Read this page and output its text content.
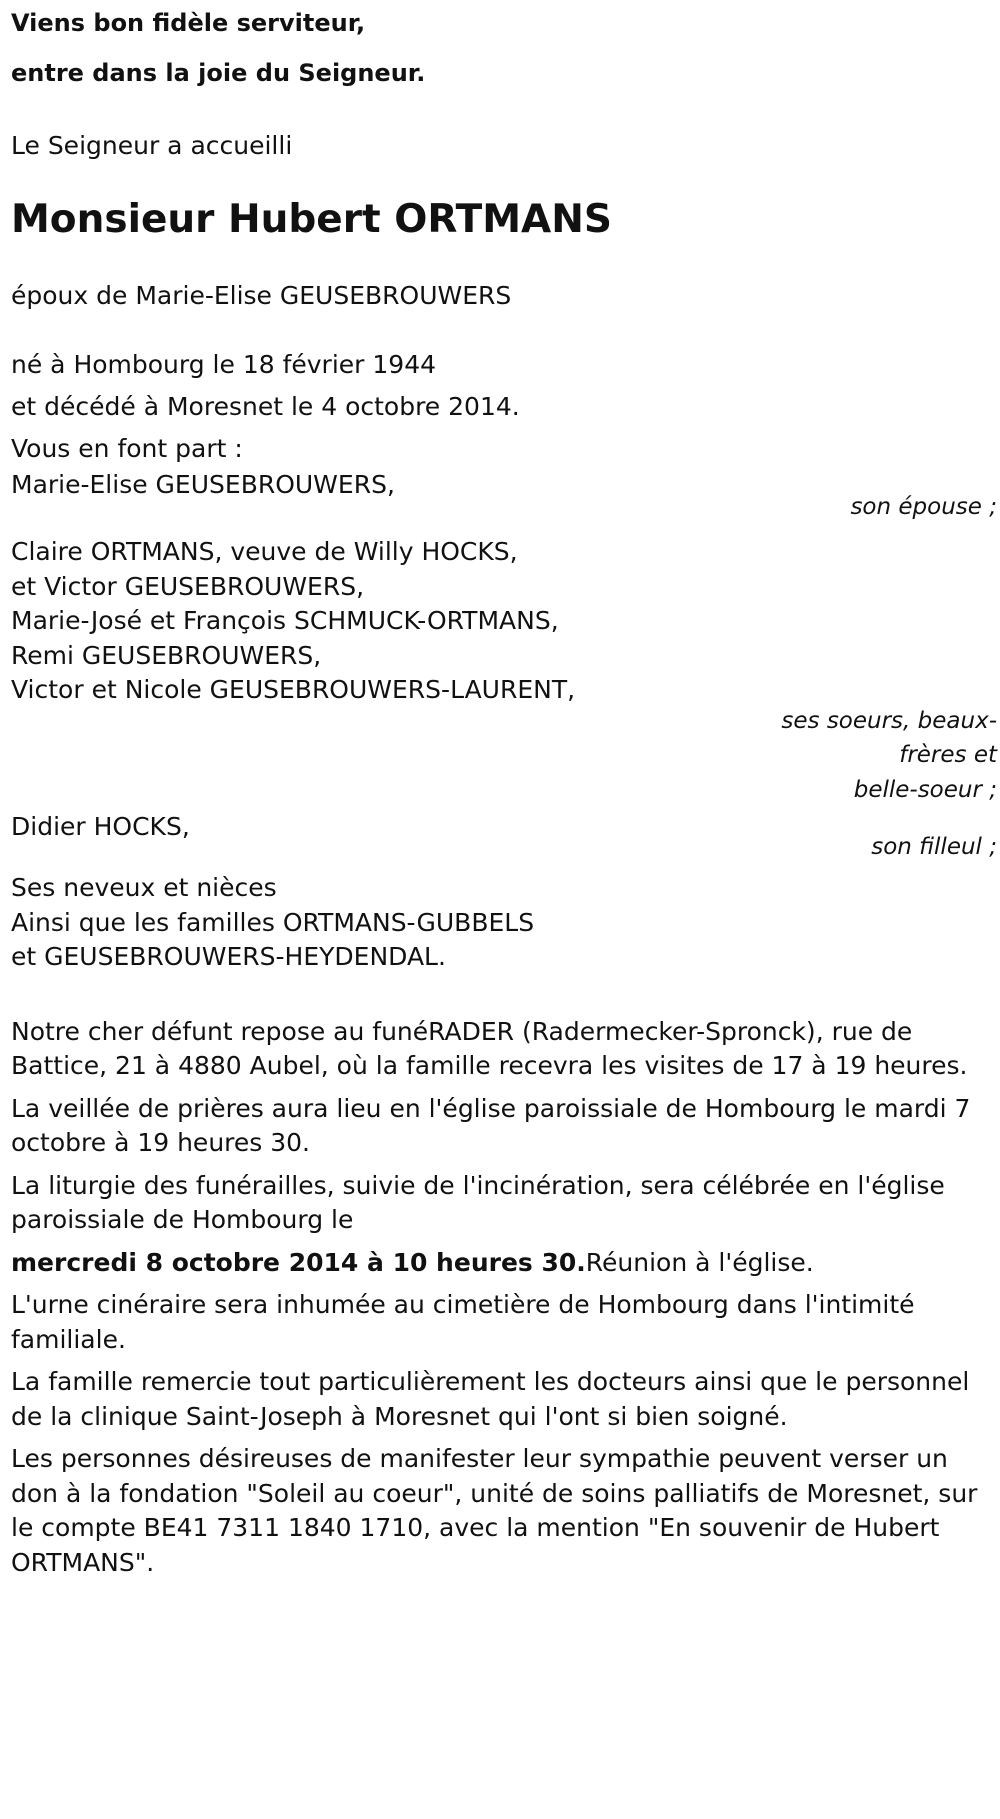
Viens bon fidèle serviteur,
entre dans la joie du Seigneur.

Le Seigneur a accueilli

Monsieur Hubert ORTMANS

époux de Marie-Elise GEUSEBROUWERS

né à Hombourg le 18 février 1944

et décédé à Moresnet le 4 octobre 2014.

Vous en font part :

Marie-Elise GEUSEBROUWERS,

son épouse ;
Claire ORTMANS, veuve de Willy HOCKS,
et Victor GEUSEBROUWERS,
Marie-José et François SCHMUCK-ORTMANS,
Remi GEUSEBROUWERS,
Victor et Nicole GEUSEBROUWERS-LAURENT,
ses soeurs, beaux-
frères et
belle-soeur ;

Didier HOCKS,

son filleul ;
Ses neveux et nièces
Ainsi que les familles ORTMANS-GUBBELS
et GEUSEBROUWERS-HEYDENDAL.

Notre cher défunt repose au funéRADER (Radermecker-Spronck), rue de Battice, 21 à 4880 Aubel, où la famille recevra les visites de 17 à 19 heures.

La veillée de prières aura lieu en l'église paroissiale de Hombourg le mardi 7 octobre à 19 heures 30.

La liturgie des funérailles, suivie de l'incinération, sera célébrée en l'église paroissiale de Hombourg le

mercredi 8 octobre 2014 à 10 heures 30.Réunion à l'église.

L'urne cinéraire sera inhumée au cimetière de Hombourg dans l'intimité familiale.

La famille remercie tout particulièrement les docteurs ainsi que le personnel de la clinique Saint-Joseph à Moresnet qui l'ont si bien soigné.

Les personnes désireuses de manifester leur sympathie peuvent verser un don à la fondation "Soleil au coeur", unité de soins palliatifs de Moresnet, sur le compte BE41 7311 1840 1710, avec la mention "En souvenir de Hubert ORTMANS".
